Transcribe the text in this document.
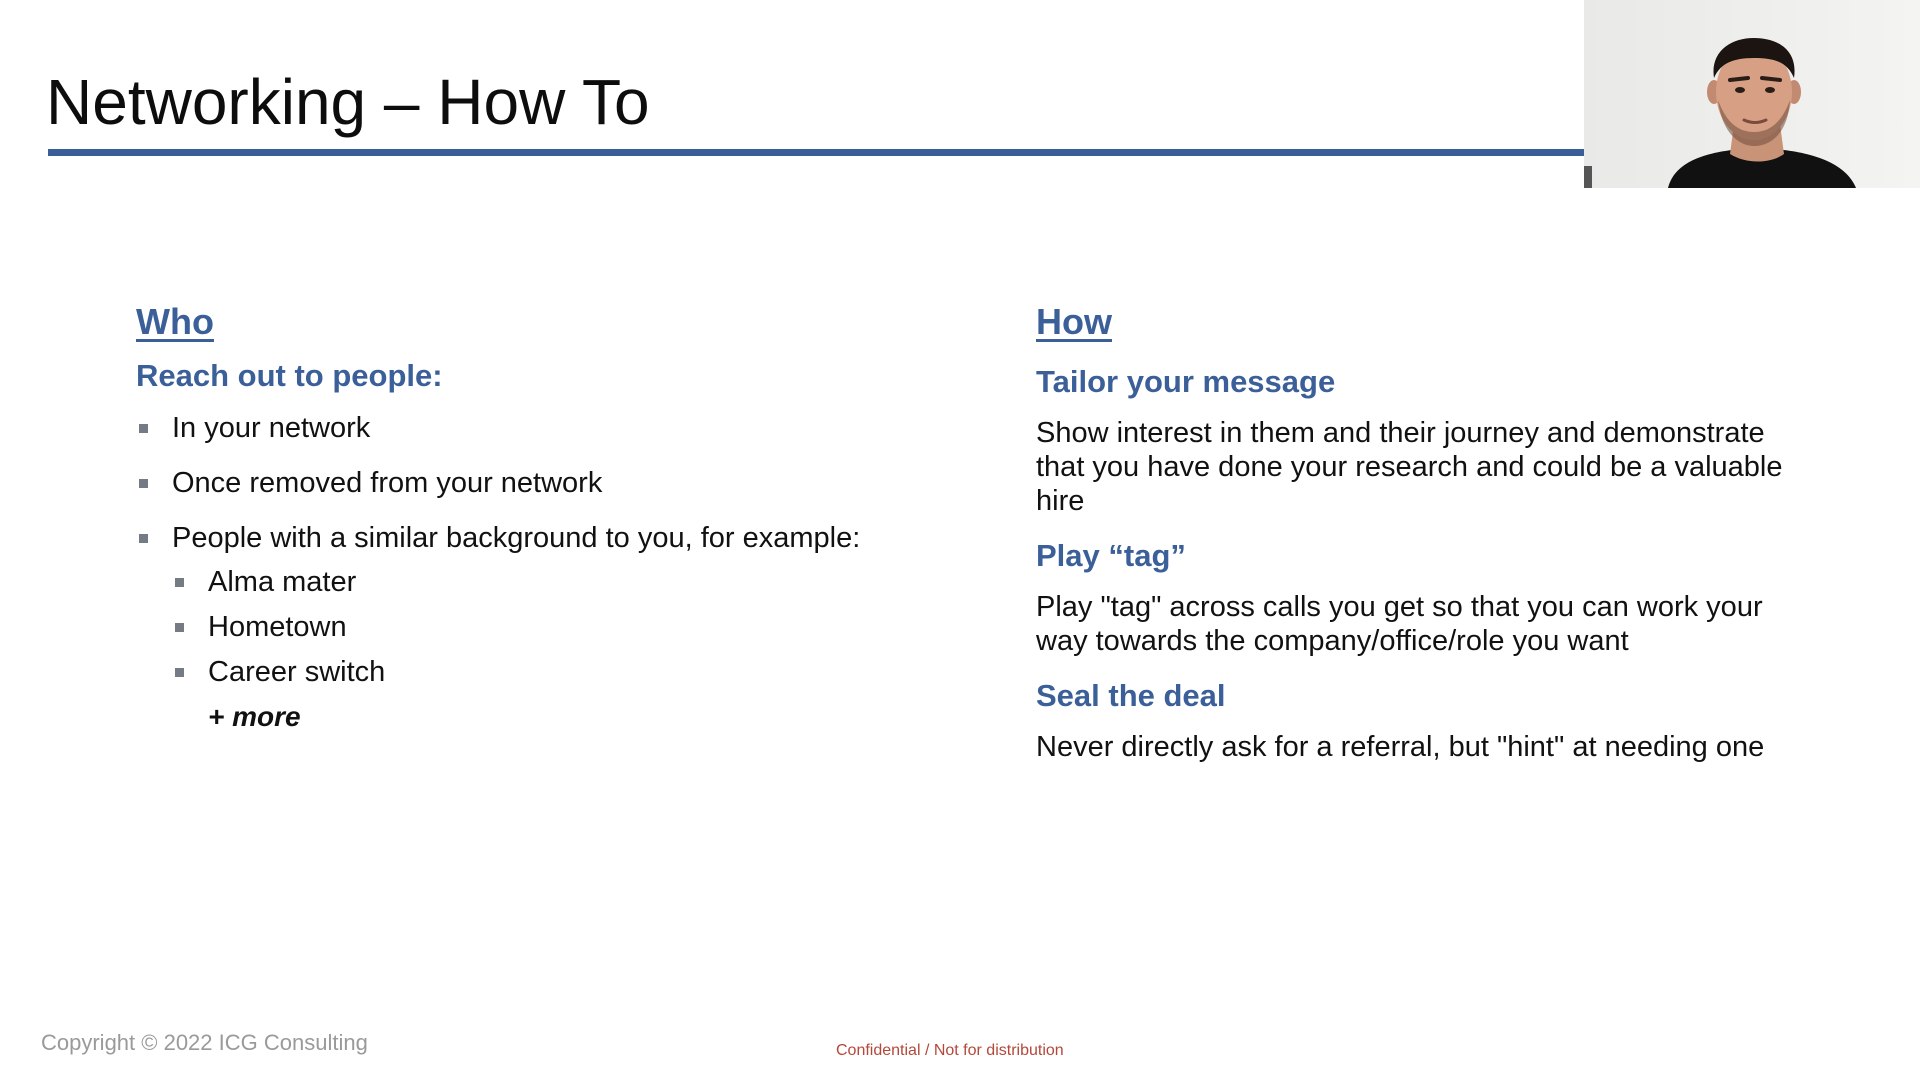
Networking – How To
Who
Reach out to people:
In your network
Once removed from your network
People with a similar background to you, for example:
Alma mater
Hometown
Career switch
+ more
How
Tailor your message
Show interest in them and their journey and demonstrate that you have done your research and could be a valuable hire
Play “tag”
Play "tag" across calls you get so that you can work your way towards the company/office/role you want
Seal the deal
Never directly ask for a referral, but "hint" at needing one
Copyright © 2022 ICG Consulting	Confidential / Not for distribution
